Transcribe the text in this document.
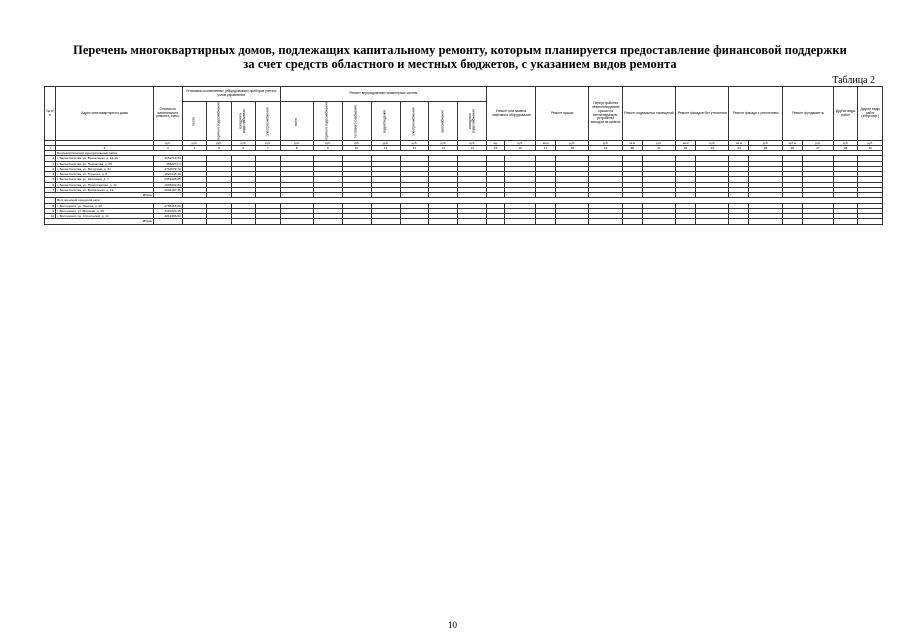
Перечень многоквартирных домов, подлежащих капитальному ремонту, которым планируется предоставление финансовой поддержки
за счет средств областного и местных бюджетов, с указанием видов ремонта
Таблица 2
№ п/п	Адрес многоквартирного дома	Стоимость капитального ремонта, всего	Установка коллективных (общедомовых) приборов учета и узлов управления				Ремонт внутридомовых инженерных систем							Ремонт или замена лифтового оборудования		Ремонт крыши		Переустройство невентилируемой крыши на вентилируемую, устройство выходов на кровлю	Ремонт подвальных помещений		Ремонт фасадов без утепления		Ремонт фасада с утеплением		Ремонт фундамента		Другие виды работ	Другие виды работ (энергоэф.)
			тепло	горячего водоснабжения	холодного водоснабжения	электроснабжения	всего	горячего водоснабжения	теплового снабжения	водоотведения	электроснабжения	газоснабжения	холодного водоснабжения															
		руб.	руб.	руб.	руб.	руб.	руб.	руб.	руб.	руб.	руб.	руб.	руб.	ед.	руб.	кв.м	руб.	руб.	кв.м	руб.	кв.м	руб.	кв.м	руб.	куб.м	руб.	руб.	руб.
1	2	3	4	5	6	7	8	9	10	11	12	13	14	15	16	17	18	19	20	21	22	23	24	25	26	27	28	29
	Белокалитвинский муниципальный район																											
1	г. Белая Калитва, ул. Вокзальная, д. 14-16	3252714,84																										
2	г. Белая Калитва, ул. Некрасова, д. 25	3566271,3																										
3	г. Белая Калитва, ул. Мичурина, д. 31	4710079,72																										
4	г. Белая Калитва, ул. Горького, д. 8	1820145,10																										
5	г. Белая Калитва, ул. Калинина, д. 7	2451908,35																										
6	г. Белая Калитва, ул. Пролетарская, д. 12	1935402,84																										
7	г. Белая Калитва, ул. Вокзальная, д. 19	2904187,56																										
Итого																												
	Волгодонской городской округ																											
8	г. Волгодонск, ул. Ленина, д. 60	2765418,20																										
9	г. Волгодонск, ул. Морская, д. 38	3187620,45																										
10	г. Волгодонск, пр. Строителей, д. 14	4012398,62																										
Итого																												
10
